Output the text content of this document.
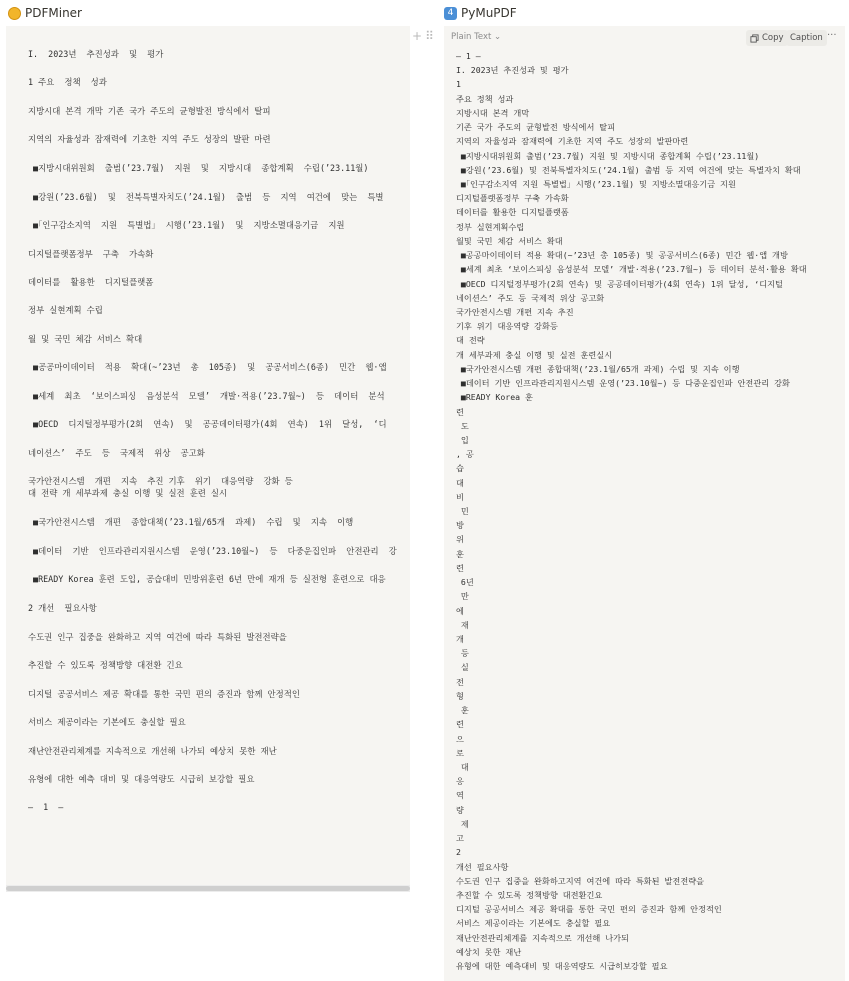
PDFMiner	4 PyMuPDF
I.  2023년  추진성과  및  평가
1 주요  정책  성과
지방시대 본격 개막 기존 국가 주도의 균형발전 방식에서 탈피
지역의 자율성과 잠재력에 기초한 지역 주도 성장의 발판 마련
■지방시대위원회  출범(’23.7월)  지원  및  지방시대  종합계획  수립(’23.11월)
■강원(’23.6월)  및  전북특별자치도(’24.1월)  출범  등  지역  여건에  맞는  특별
■｢인구감소지역  지원  특별법｣  시행(’23.1월)  및  지방소멸대응기금  지원
디지털플랫폼정부  구축  가속화
데이터를  활용한  디지털플랫폼
정부 실현계획 수립
월 및 국민 체감 서비스 확대
■공공마이데이터  적용  확대(~’23년  총  105종)  및  공공서비스(6종)  민간  웹·앱
■세계  최초  ‘보이스피싱  음성분석  모델’  개발·적용(’23.7월~)  등  데이터  분석
■OECD  디지털정부평가(2회  연속)  및  공공데이터평가(4회  연속)  1위  달성,  ‘디
네이션스’  주도  등  국제적  위상  공고화
국가안전시스템  개편  지속  추진 기후  위기  대응역량  강화 등
대 전략 개 세부과제 충실 이행 및 실전 훈련 실시
■국가안전시스템  개편  종합대책(’23.1월/65개  과제)  수립  및  지속  이행
■데이터  기반  인프라관리지원시스템  운영(’23.10월~)  등  다중운집인파  안전관리  강
■READY Korea 훈련 도입, 공습대비 민방위훈련 6년 만에 재개 등 실전형 훈련으로 대응
2 개선  필요사항
수도권 인구 집중을 완화하고 지역 여건에 따라 특화된 발전전략을
추진할 수 있도록 정책방향 대전환 긴요
디지털 공공서비스 제공 확대를 통한 국민 편의 증진과 함께 안정적인
서비스 제공이라는 기본에도 충실할 필요
재난안전관리체계를 지속적으로 개선해 나가되 예상치 못한 재난
유형에 대한 예측 대비 및 대응역량도 시급히 보강할 필요
–  1  –
+ ⠿ Plain Text ⌄	Copy Caption ···
– 1 –
I. 2023년 추진성과 및 평가
1
주요 정책 성과
지방시대 본격 개막
기존 국가 주도의 균형발전 방식에서 탈피
지역의 자율성과 잠재력에 기초한 지역 주도 성장의 발판마련
■지방시대위원회 출범(’23.7월) 지원 및 지방시대 종합계획 수립(’23.11월)
■강원(’23.6월) 및 전북특별자치도(’24.1월) 출범 등 지역 여건에 맞는 특별자치 확대
■｢인구감소지역 지원 특별법｣ 시행(’23.1월) 및 지방소멸대응기금 지원
디지털플랫폼정부 구축 가속화
데이터를 활용한 디지털플랫폼
정부 실현계획수립
월및 국민 체감 서비스 확대
■공공마이데이터 적용 확대(~’23년 총 105종) 및 공공서비스(6종) 민간 웹·앱 개방
■세계 최초 ‘보이스피싱 음성분석 모델’ 개발·적용(’23.7월~) 등 데이터 분석·활용 확대
■OECD 디지털정부평가(2회 연속) 및 공공데이터평가(4회 연속) 1위 달성, ‘디지털
네이션스’ 주도 등 국제적 위상 공고화
국가안전시스템 개편 지속 추진
기후 위기 대응역량 강화등
대 전략
개 세부과제 충실 이행 및 실전 훈련실시
■국가안전시스템 개편 종합대책(’23.1월/65개 과제) 수립 및 지속 이행
■데이터 기반 인프라관리지원시스템 운영(’23.10월~) 등 다중운집인파 안전관리 강화
■READY Korea 훈
련
도
입
, 공
습
대
비
민
방
위
훈
련
6년
만
에
재
개
등
실
전
형
훈
련
으
로
대
응
역
량
제
고
2
개선 필요사항
수도권 인구 집중을 완화하고지역 여건에 따라 특화된 발전전략을
추진할 수 있도록 정책방향 대전환긴요
디지털 공공서비스 제공 확대를 통한 국민 편의 증진과 함께 안정적인
서비스 제공이라는 기본에도 충실할 필요
재난안전관리체계를 지속적으로 개선해 나가되
예상치 못한 재난
유형에 대한 예측대비 및 대응역량도 시급히보강할 필요
